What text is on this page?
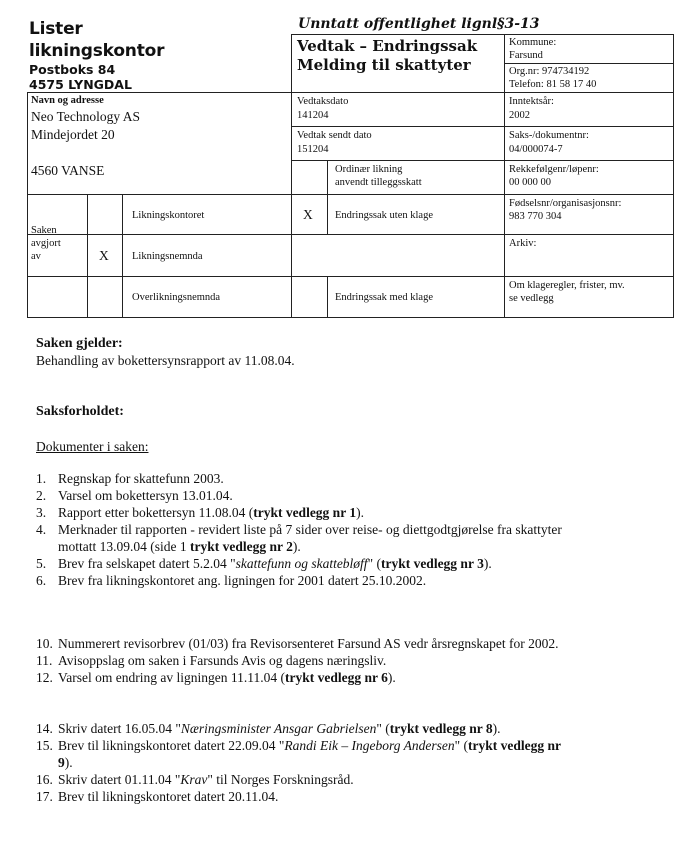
Lister
likningskontor
Postboks 84
4575 LYNGDAL
Unntatt offentlighet lignl§3-13
Vedtak – Endringssak
Melding til skattyter
Kommune:
Farsund
Org.nr: 974734192
Telefon: 81 58 17 40
Navn og adresse
Neo Technology AS
Mindejordet 20
4560 VANSE
Vedtaksdato
141204
Inntektsår:
2002
Vedtak sendt dato
151204
Saks-/dokumentnr:
04/000074-7
Ordinær likning
anvendt tilleggsskatt
Rekkefølgenr/løpenr:
00 000 00
Saken
avgjort
av
Likningskontoret	X Endringssak uten klage
Fødselsnr/organisasjonsnr:
983 770 304
X Likningsnemnda
Arkiv:
Overlikningsnemnda	Endringssak med klage
Om klageregler, frister, mv.
se vedlegg
Saken gjelder:
Behandling av bokettersynsrapport av 11.08.04.
Saksforholdet:
Dokumenter i saken:
1. Regnskap for skattefunn 2003.
2. Varsel om bokettersyn 13.01.04.
3. Rapport etter bokettersyn 11.08.04 (trykt vedlegg nr 1).
4. Merknader til rapporten - revidert liste på 7 sider over reise- og diettgodtgjørelse fra skattyter
mottatt 13.09.04 (side 1 trykt vedlegg nr 2).
5. Brev fra selskapet datert 5.2.04 "skattefunn og skattebløff" (trykt vedlegg nr 3).
6. Brev fra likningskontoret ang. ligningen for 2001 datert 25.10.2002.
10. Nummerert revisorbrev (01/03) fra Revisorsenteret Farsund AS vedr årsregnskapet for 2002.
11. Avisoppslag om saken i Farsunds Avis og dagens næringsliv.
12. Varsel om endring av ligningen 11.11.04 (trykt vedlegg nr 6).
14. Skriv datert 16.05.04 "Næringsminister Ansgar Gabrielsen" (trykt vedlegg nr 8).
15. Brev til likningskontoret datert 22.09.04 "Randi Eik – Ingeborg Andersen" (trykt vedlegg nr
9).
16. Skriv datert 01.11.04 "Krav" til Norges Forskningsråd.
17. Brev til likningskontoret datert 20.11.04.
